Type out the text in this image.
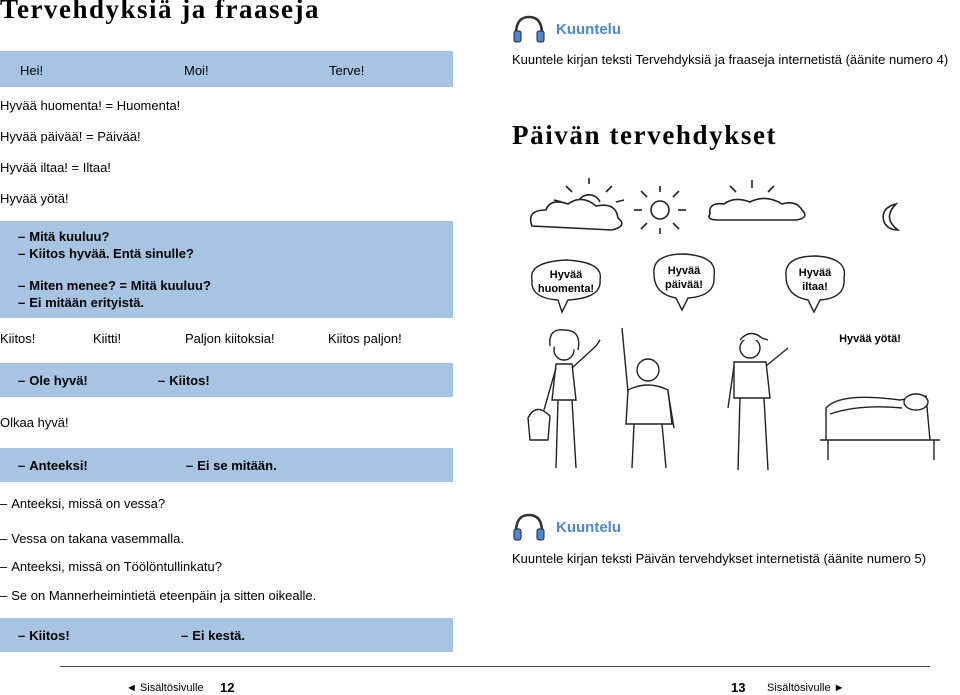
Tervehdyksiä ja fraaseja
Hei!	Moi!	Terve!
Hyvää huomenta! = Huomenta!
Hyvää päivää! = Päivää!
Hyvää iltaa! = Iltaa!
Hyvää yötä!
– Mitä kuuluu?
– Kiitos hyvää. Entä sinulle?
– Miten menee? = Mitä kuuluu?
– Ei mitään erityistä.
Kiitos!	Kiitti!	Paljon kiitoksia!	Kiitos paljon!
– Ole hyvä!	– Kiitos!
Olkaa hyvä!
– Anteeksi!	– Ei se mitään.
– Anteeksi, missä on vessa?
– Vessa on takana vasemmalla.
– Anteeksi, missä on Töölöntullinkatu?
– Se on Mannerheimintietä eteenpäin ja sitten oikealle.
– Kiitos!	– Ei kestä.
Kuuntelu
Kuuntele kirjan teksti Tervehdyksiä ja fraaseja internetistä (äänite numero 4)
Päivän tervehdykset
Hyvää
huomenta!
Hyvää
päivää!
Hyvää
iltaa!
Hyvää yötä!
Kuuntelu
Kuuntele kirjan teksti Päivän tervehdykset internetistä (äänite numero 5)
◄ Sisältösivulle 12	13 Sisältösivulle ►
